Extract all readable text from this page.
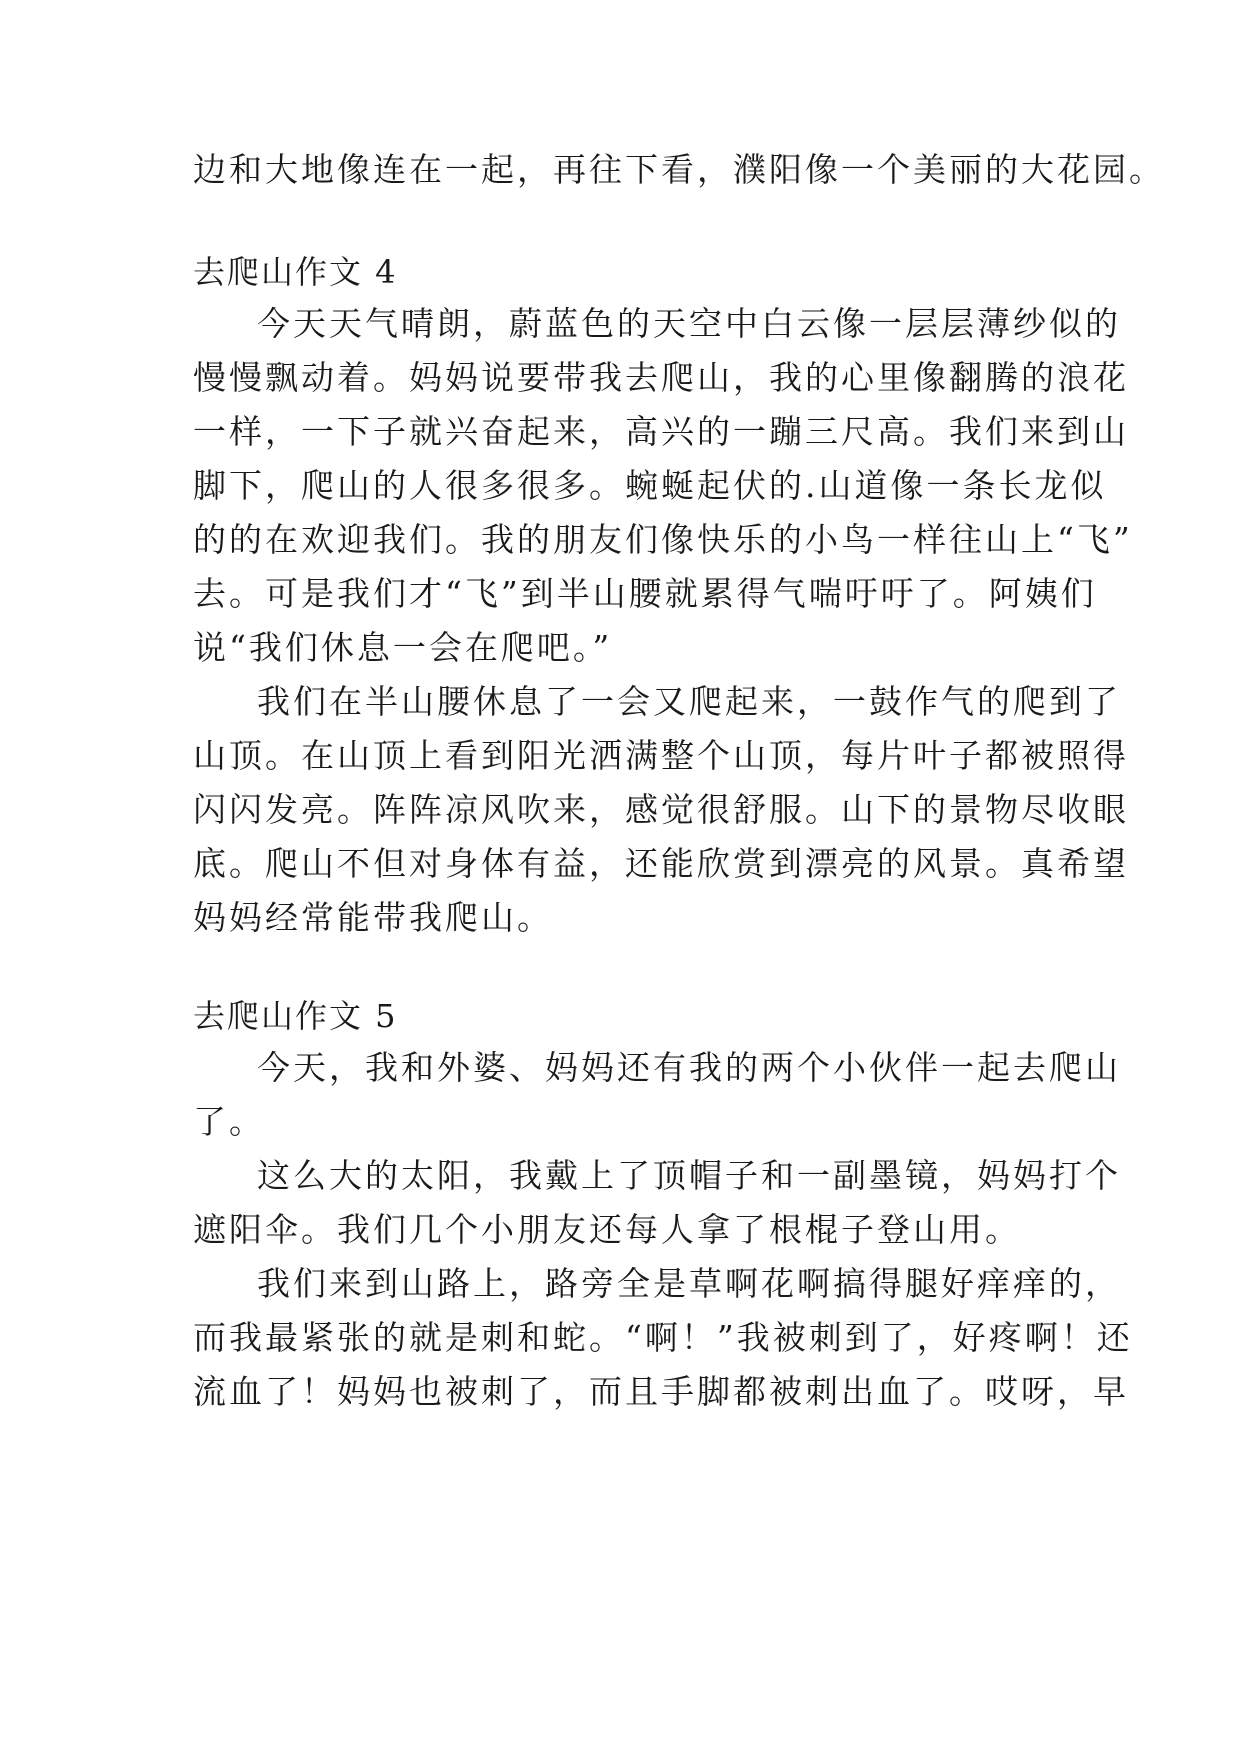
边和大地像连在一起，再往下看，濮阳像一个美丽的大花园。
去爬山作文 4
今天天气晴朗，蔚蓝色的天空中白云像一层层薄纱似的
慢慢飘动着。妈妈说要带我去爬山，我的心里像翻腾的浪花
一样，一下子就兴奋起来，高兴的一蹦三尺高。我们来到山
脚下，爬山的人很多很多。蜿蜒起伏的.山道像一条长龙似
的的在欢迎我们。我的朋友们像快乐的小鸟一样往山上“飞”
去。可是我们才“飞”到半山腰就累得气喘吁吁了。阿姨们
说“我们休息一会在爬吧。”
我们在半山腰休息了一会又爬起来，一鼓作气的爬到了
山顶。在山顶上看到阳光洒满整个山顶，每片叶子都被照得
闪闪发亮。阵阵凉风吹来，感觉很舒服。山下的景物尽收眼
底。爬山不但对身体有益，还能欣赏到漂亮的风景。真希望
妈妈经常能带我爬山。
去爬山作文 5
今天，我和外婆、妈妈还有我的两个小伙伴一起去爬山
了。
这么大的太阳，我戴上了顶帽子和一副墨镜，妈妈打个
遮阳伞。我们几个小朋友还每人拿了根棍子登山用。
我们来到山路上，路旁全是草啊花啊搞得腿好痒痒的，
而我最紧张的就是刺和蛇。“啊！”我被刺到了，好疼啊！还
流血了！妈妈也被刺了，而且手脚都被刺出血了。哎呀，早
